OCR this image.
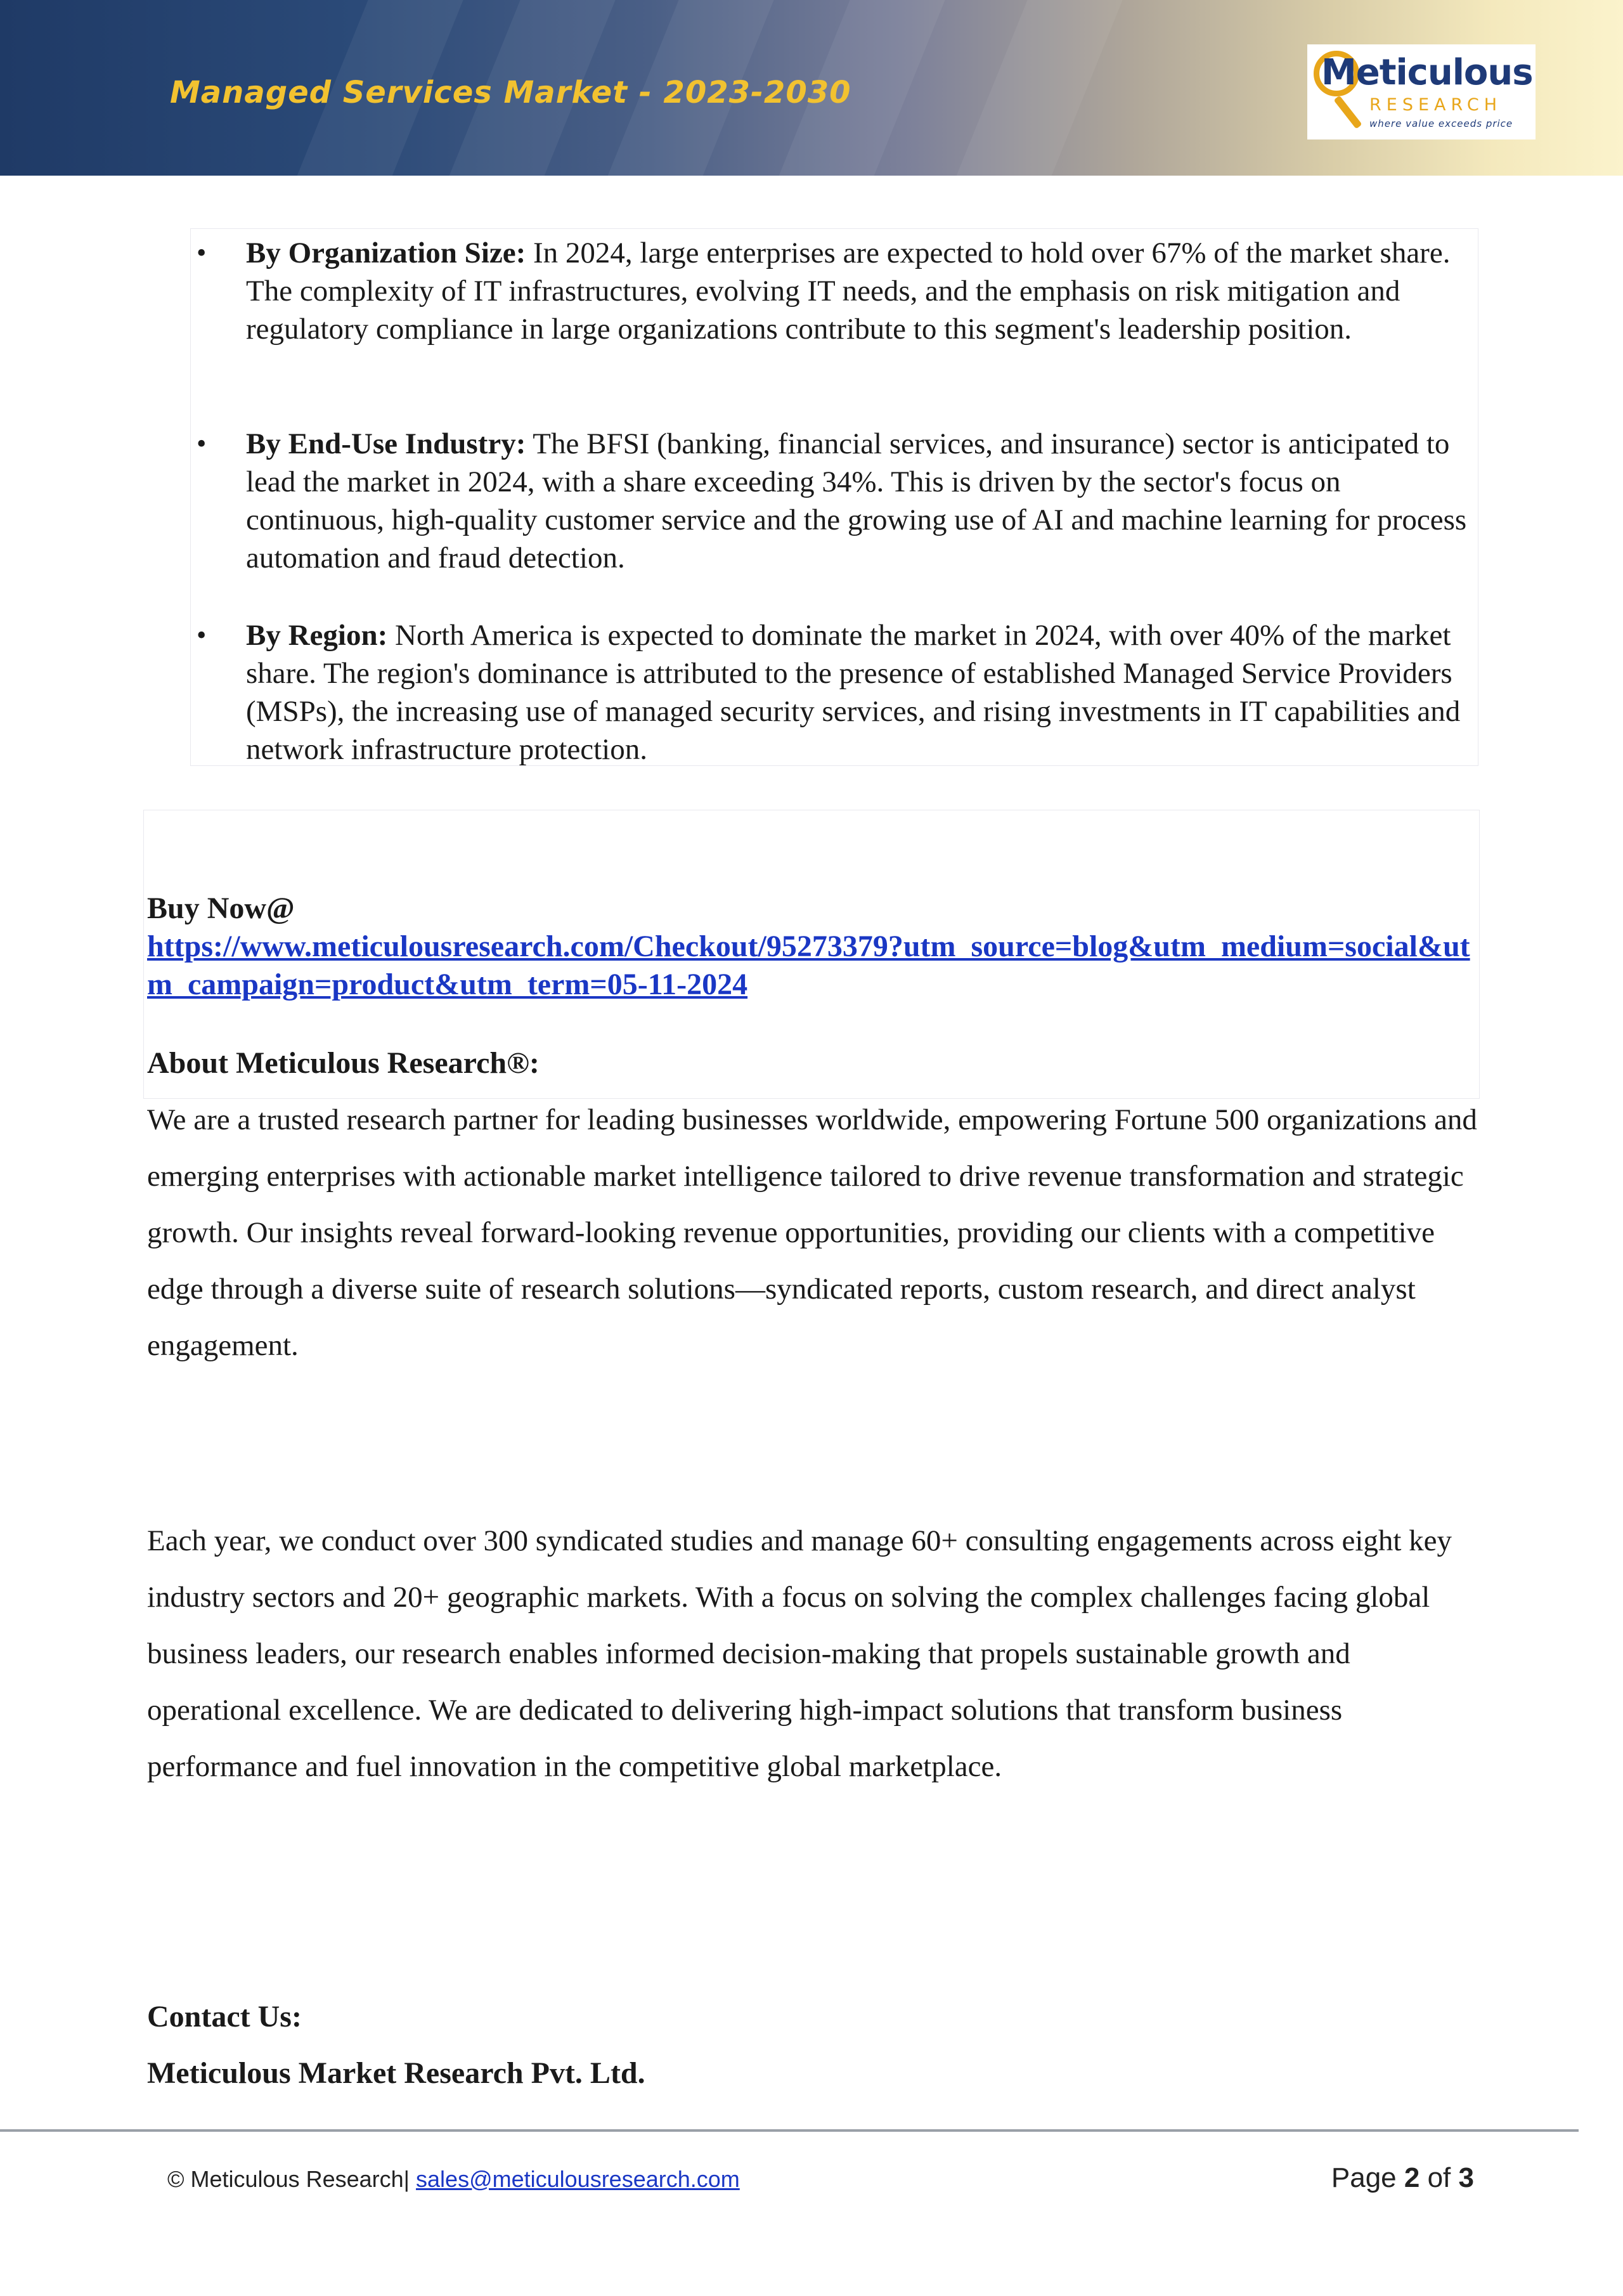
Managed Services Market - 2023-2030	Meticulous
RESEARCH
where value exceeds price
• By Organization Size: In 2024, large enterprises are expected to hold over 67% of the market share. The complexity of IT infrastructures, evolving IT needs, and the emphasis on risk mitigation and regulatory compliance in large organizations contribute to this segment's leadership position.
• By End-Use Industry: The BFSI (banking, financial services, and insurance) sector is anticipated to lead the market in 2024, with a share exceeding 34%. This is driven by the sector's focus on continuous, high-quality customer service and the growing use of AI and machine learning for process automation and fraud detection.
• By Region: North America is expected to dominate the market in 2024, with over 40% of the market share. The region's dominance is attributed to the presence of established Managed Service Providers (MSPs), the increasing use of managed security services, and rising investments in IT capabilities and network infrastructure protection.
Buy Now@
https://www.meticulousresearch.com/Checkout/95273379?utm_source=blog&utm_medium=social&utm_campaign=product&utm_term=05-11-2024
About Meticulous Research®:
We are a trusted research partner for leading businesses worldwide, empowering Fortune 500 organizations and emerging enterprises with actionable market intelligence tailored to drive revenue transformation and strategic growth. Our insights reveal forward-looking revenue opportunities, providing our clients with a competitive edge through a diverse suite of research solutions—syndicated reports, custom research, and direct analyst engagement.
Each year, we conduct over 300 syndicated studies and manage 60+ consulting engagements across eight key industry sectors and 20+ geographic markets. With a focus on solving the complex challenges facing global business leaders, our research enables informed decision-making that propels sustainable growth and operational excellence. We are dedicated to delivering high-impact solutions that transform business performance and fuel innovation in the competitive global marketplace.
Contact Us:
Meticulous Market Research Pvt. Ltd.
© Meticulous Research| sales@meticulousresearch.com	Page 2 of 3
